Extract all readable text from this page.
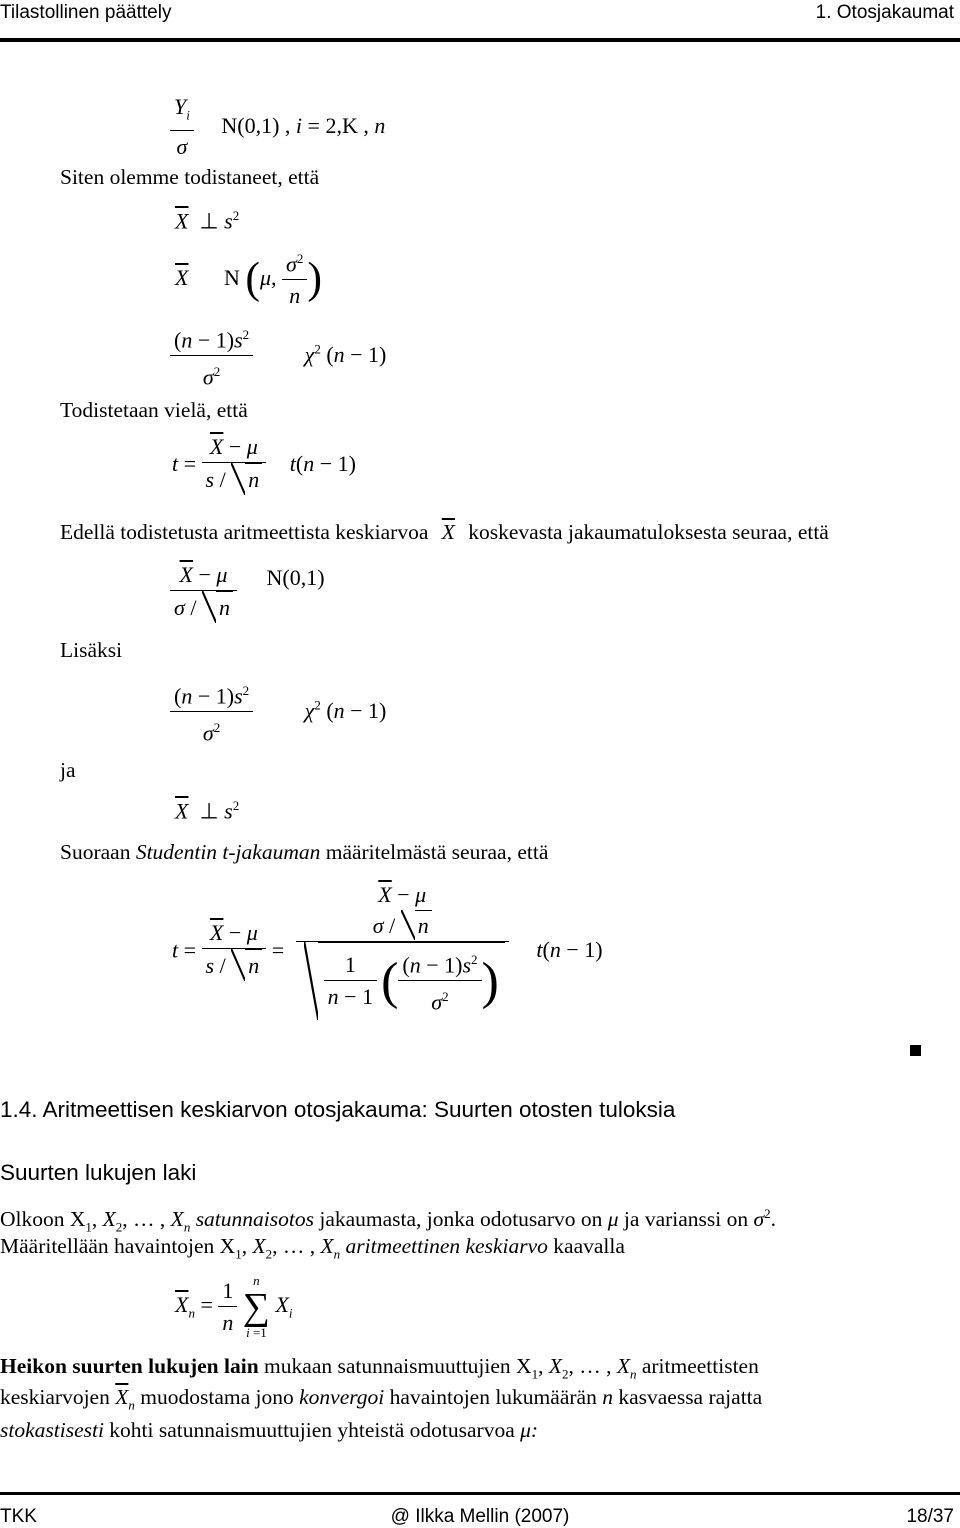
Tilastollinen päättely	1. Otosjakaumat
$\frac{Y_i}{\sigma} N(0,1)$ , i = 2,K , n
Siten olemme todistaneet, että
$\overline{X}$  ⊥ $s^2$
$\overline{X}$ N (μ, $\frac{\sigma^2}{n}$ )
$\frac{(n - 1)s^2}{\sigma^2} \chi^2$ (n − 1)
Todistetaan vielä, että
$t = \frac{\overline{X} - \mu}{s / n} t(n - 1)$
Edellä todistetusta aritmeettista keskiarvoa $\overline{X}$ koskevasta jakaumatuloksesta seuraa, että
$\frac{\overline{X} - \mu}{\sigma / n} N(0,1)$
Lisäksi
$\frac{(n - 1)s^2}{\sigma^2} \chi^2$ (n − 1)
ja
$\overline{X}$  ⊥ $s^2$
Suoraan Studentin t-jakauman määritelmästä seuraa, että
$t = \frac{\overline{X} - \mu}{s / n} = \overline{X} - \mu$
σ / n
$\frac{1}{n - 1}$ ( $\frac{(n - 1)s^2}{\sigma^2}$ ) t(n − 1)
1.4. Aritmeettisen keskiarvon otosjakauma: Suurten otosten tuloksia
Suurten lukujen laki
Olkoon $X_1$, $X_2$, … , $X_n$ satunnaisotos jakaumasta, jonka odotusarvo on μ ja varianssi on $\sigma^2$.
Määritellään havaintojen $X_1$, $X_2$, … , $X_n$ aritmeettinen keskiarvo kaavalla
$\overline{X}_n = \frac{1}{n}$
	n
∑
i =1
$X_i$
Heikon suurten lukujen lain mukaan satunnaismuuttujien $X_1$, $X_2$, … , $X_n$ aritmeettisten
keskiarvojen $\overline{X}_n$ muodostama jono konvergoi havaintojen lukumäärän n kasvaessa rajatta
stokastisesti kohti satunnaismuuttujien yhteistä odotusarvoa μ:
TKK	@ Ilkka Mellin (2007)	18/37
